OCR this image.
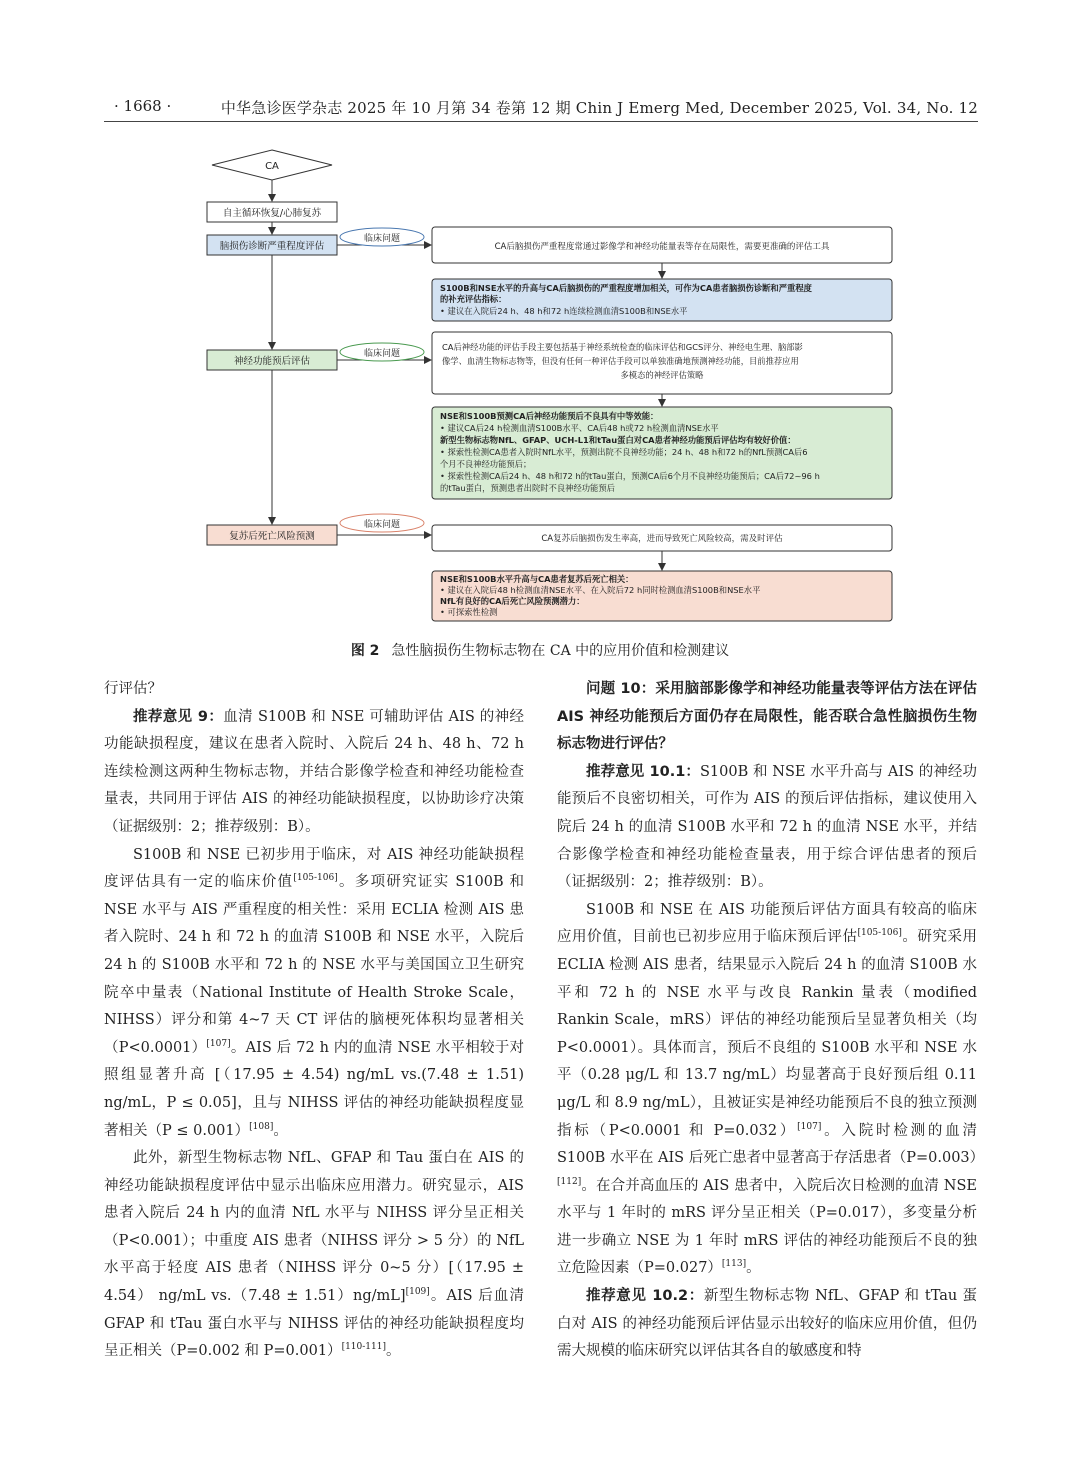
· 1668 ·	中华急诊医学杂志 2025 年 10 月第 34 卷第 12 期 Chin J Emerg Med, December 2025, Vol. 34, No. 12
CA
自主循环恢复/心肺复苏
脑损伤诊断严重程度评估
临床问题
CA后脑损伤严重程度常通过影像学和神经功能量表等存在局限性，需要更准确的评估工具
S100B和NSE水平的升高与CA后脑损伤的严重程度增加相关，可作为CA患者脑损伤诊断和严重程度
的补充评估指标：
• 建议在入院后24 h、48 h和72 h连续检测血清S100B和NSE水平
神经功能预后评估
临床问题
CA后神经功能的评估手段主要包括基于神经系统检查的临床评估和GCS评分、神经电生理、脑部影
像学、血清生物标志物等，但没有任何一种评估手段可以单独准确地预测神经功能，目前推荐应用
多模态的神经评估策略
NSE和S100B预测CA后神经功能预后不良具有中等效能：
• 建议CA后24 h检测血清S100B水平、CA后48 h或72 h检测血清NSE水平
新型生物标志物NfL、GFAP、UCH-L1和tTau蛋白对CA患者神经功能预后评估均有较好价值：
• 探索性检测CA患者入院时NfL水平，预测出院不良神经功能；24 h、48 h和72 h的NfL预测CA后6
个月不良神经功能预后；
• 探索性检测CA后24 h、48 h和72 h的tTau蛋白，预测CA后6个月不良神经功能预后；CA后72~96 h
的tTau蛋白，预测患者出院时不良神经功能预后
复苏后死亡风险预测
临床问题
CA复苏后脑损伤发生率高，进而导致死亡风险较高，需及时评估
NSE和S100B水平升高与CA患者复苏后死亡相关：
• 建议在入院后48 h检测血清NSE水平、在入院后72 h同时检测血清S100B和NSE水平
NfL有良好的CA后死亡风险预测潜力：
• 可探索性检测
图 2 急性脑损伤生物标志物在 CA 中的应用价值和检测建议

行评估？

推荐意见 9：血清 S100B 和 NSE 可辅助评估 AIS 的神经功能缺损程度，建议在患者入院时、入院后 24 h、48 h、72 h 连续检测这两种生物标志物，并结合影像学检查和神经功能检查量表，共同用于评估 AIS 的神经功能缺损程度，以协助诊疗决策（证据级别：2；推荐级别：B）。

S100B 和 NSE 已初步用于临床，对 AIS 神经功能缺损程度评估具有一定的临床价值[105-106]。多项研究证实 S100B 和 NSE 水平与 AIS 严重程度的相关性：采用 ECLIA 检测 AIS 患者入院时、24 h 和 72 h 的血清 S100B 和 NSE 水平，入院后 24 h 的 S100B 水平和 72 h 的 NSE 水平与美国国立卫生研究院卒中量表（National Institute of Health Stroke Scale，NIHSS）评分和第 4~7 天 CT 评估的脑梗死体积均显著相关（P<0.0001）[107]。AIS 后 72 h 内的血清 NSE 水平相较于对照组显著升高 [（17.95 ± 4.54) ng/mL vs.(7.48 ± 1.51) ng/mL，P ≤ 0.05]，且与 NIHSS 评估的神经功能缺损程度显著相关（P ≤ 0.001）[108]。

此外，新型生物标志物 NfL、GFAP 和 Tau 蛋白在 AIS 的神经功能缺损程度评估中显示出临床应用潜力。研究显示，AIS 患者入院后 24 h 内的血清 NfL 水平与 NIHSS 评分呈正相关（P<0.001）；中重度 AIS 患者（NIHSS 评分 > 5 分）的 NfL 水平高于轻度 AIS 患者（NIHSS 评分 0~5 分）[（17.95 ± 4.54） ng/mL vs.（7.48 ± 1.51）ng/mL][109]。AIS 后血清 GFAP 和 tTau 蛋白水平与 NIHSS 评估的神经功能缺损程度均呈正相关（P=0.002 和 P=0.001）[110-111]。

问题 10：采用脑部影像学和神经功能量表等评估方法在评估 AIS 神经功能预后方面仍存在局限性，能否联合急性脑损伤生物标志物进行评估？

推荐意见 10.1：S100B 和 NSE 水平升高与 AIS 的神经功能预后不良密切相关，可作为 AIS 的预后评估指标，建议使用入院后 24 h 的血清 S100B 水平和 72 h 的血清 NSE 水平，并结合影像学检查和神经功能检查量表，用于综合评估患者的预后（证据级别：2；推荐级别：B）。

S100B 和 NSE 在 AIS 功能预后评估方面具有较高的临床应用价值，目前也已初步应用于临床预后评估[105-106]。研究采用 ECLIA 检测 AIS 患者，结果显示入院后 24 h 的血清 S100B 水平和 72 h 的 NSE 水平与改良 Rankin 量表（modified Rankin Scale，mRS）评估的神经功能预后呈显著负相关（均 P<0.0001）。具体而言，预后不良组的 S100B 水平和 NSE 水平（0.28 μg/L 和 13.7 ng/mL）均显著高于良好预后组 0.11 μg/L 和 8.9 ng/mL），且被证实是神经功能预后不良的独立预测指标（P<0.0001 和 P=0.032）[107]。入院时检测的血清 S100B 水平在 AIS 后死亡患者中显著高于存活患者（P=0.003）[112]。在合并高血压的 AIS 患者中，入院后次日检测的血清 NSE 水平与 1 年时的 mRS 评分呈正相关（P=0.017），多变量分析进一步确立 NSE 为 1 年时 mRS 评估的神经功能预后不良的独立危险因素（P=0.027）[113]。

推荐意见 10.2：新型生物标志物 NfL、GFAP 和 tTau 蛋白对 AIS 的神经功能预后评估显示出较好的临床应用价值，但仍需大规模的临床研究以评估其各自的敏感度和特
